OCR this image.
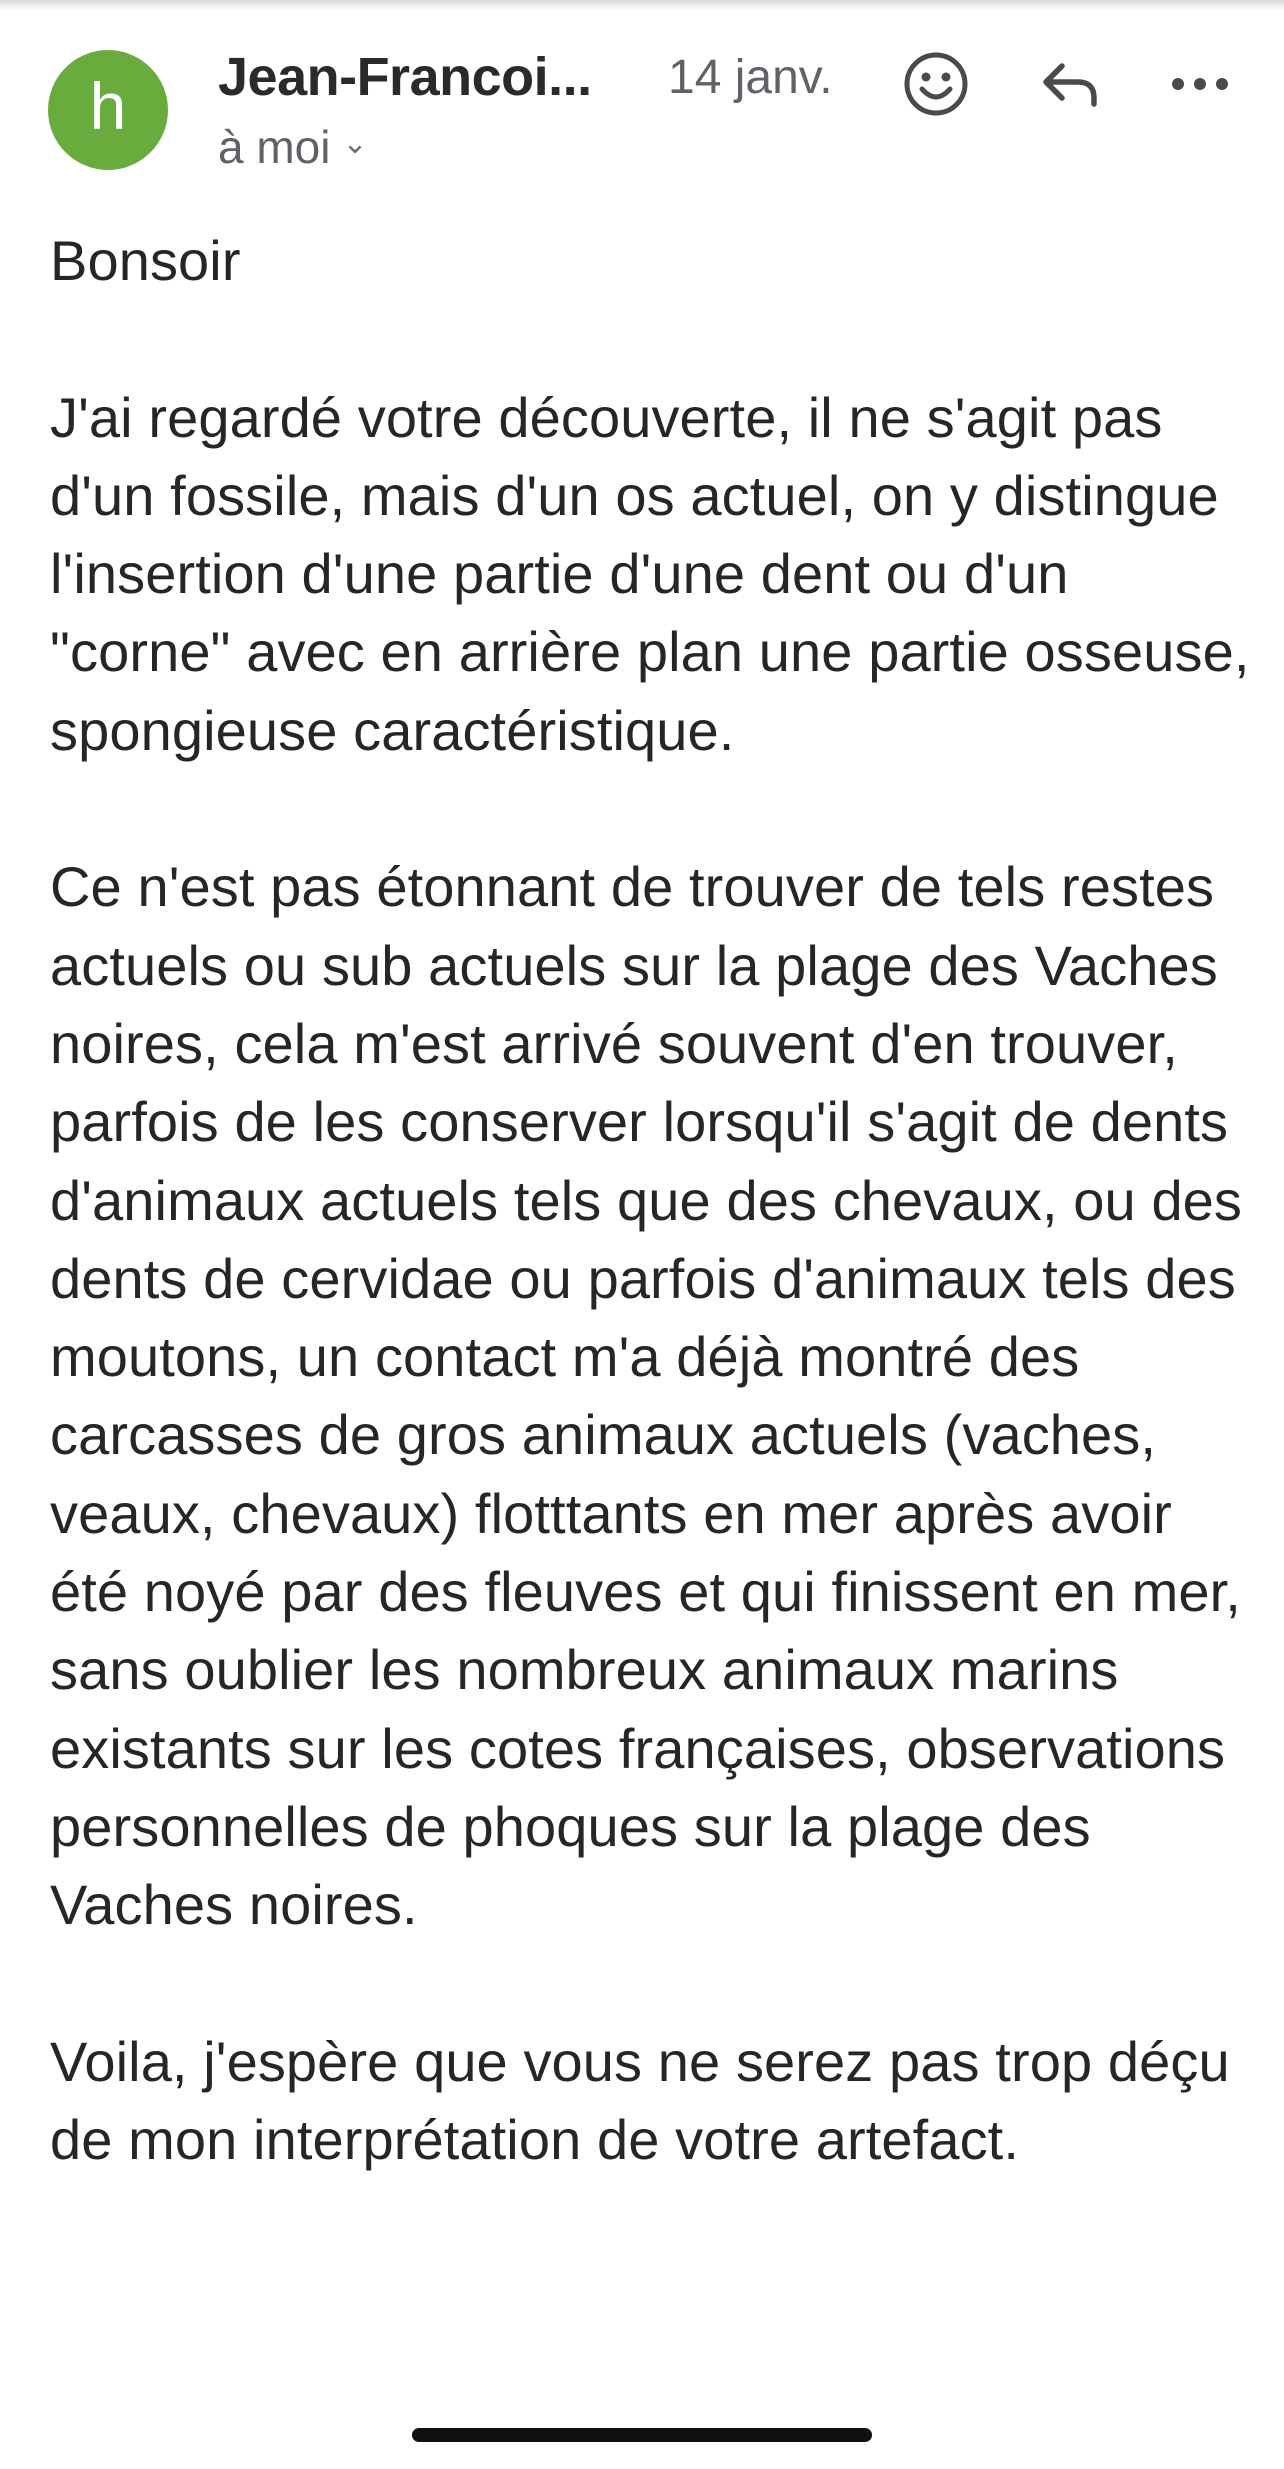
h	Jean-Francoi...	14 janv.
à moi ⌄

Bonsoir

J'ai regardé votre découverte, il ne s'agit pas d'un fossile, mais d'un os actuel, on y distingue l'insertion d'une partie d'une dent ou d'un "corne" avec en arrière plan une partie osseuse, spongieuse caractéristique.

Ce n'est pas étonnant de trouver de tels restes actuels ou sub actuels sur la plage des Vaches noires, cela m'est arrivé souvent d'en trouver, parfois de les conserver lorsqu'il s'agit de dents d'animaux actuels tels que des chevaux, ou des dents de cervidae ou parfois d'animaux tels des moutons, un contact m'a déjà montré des carcasses de gros animaux actuels (vaches, veaux, chevaux) flotttants en mer après avoir été noyé par des fleuves et qui finissent en mer, sans oublier les nombreux animaux marins existants sur les cotes françaises, observations personnelles de phoques sur la plage des Vaches noires.

Voila, j'espère que vous ne serez pas trop déçu de mon interprétation de votre artefact.
